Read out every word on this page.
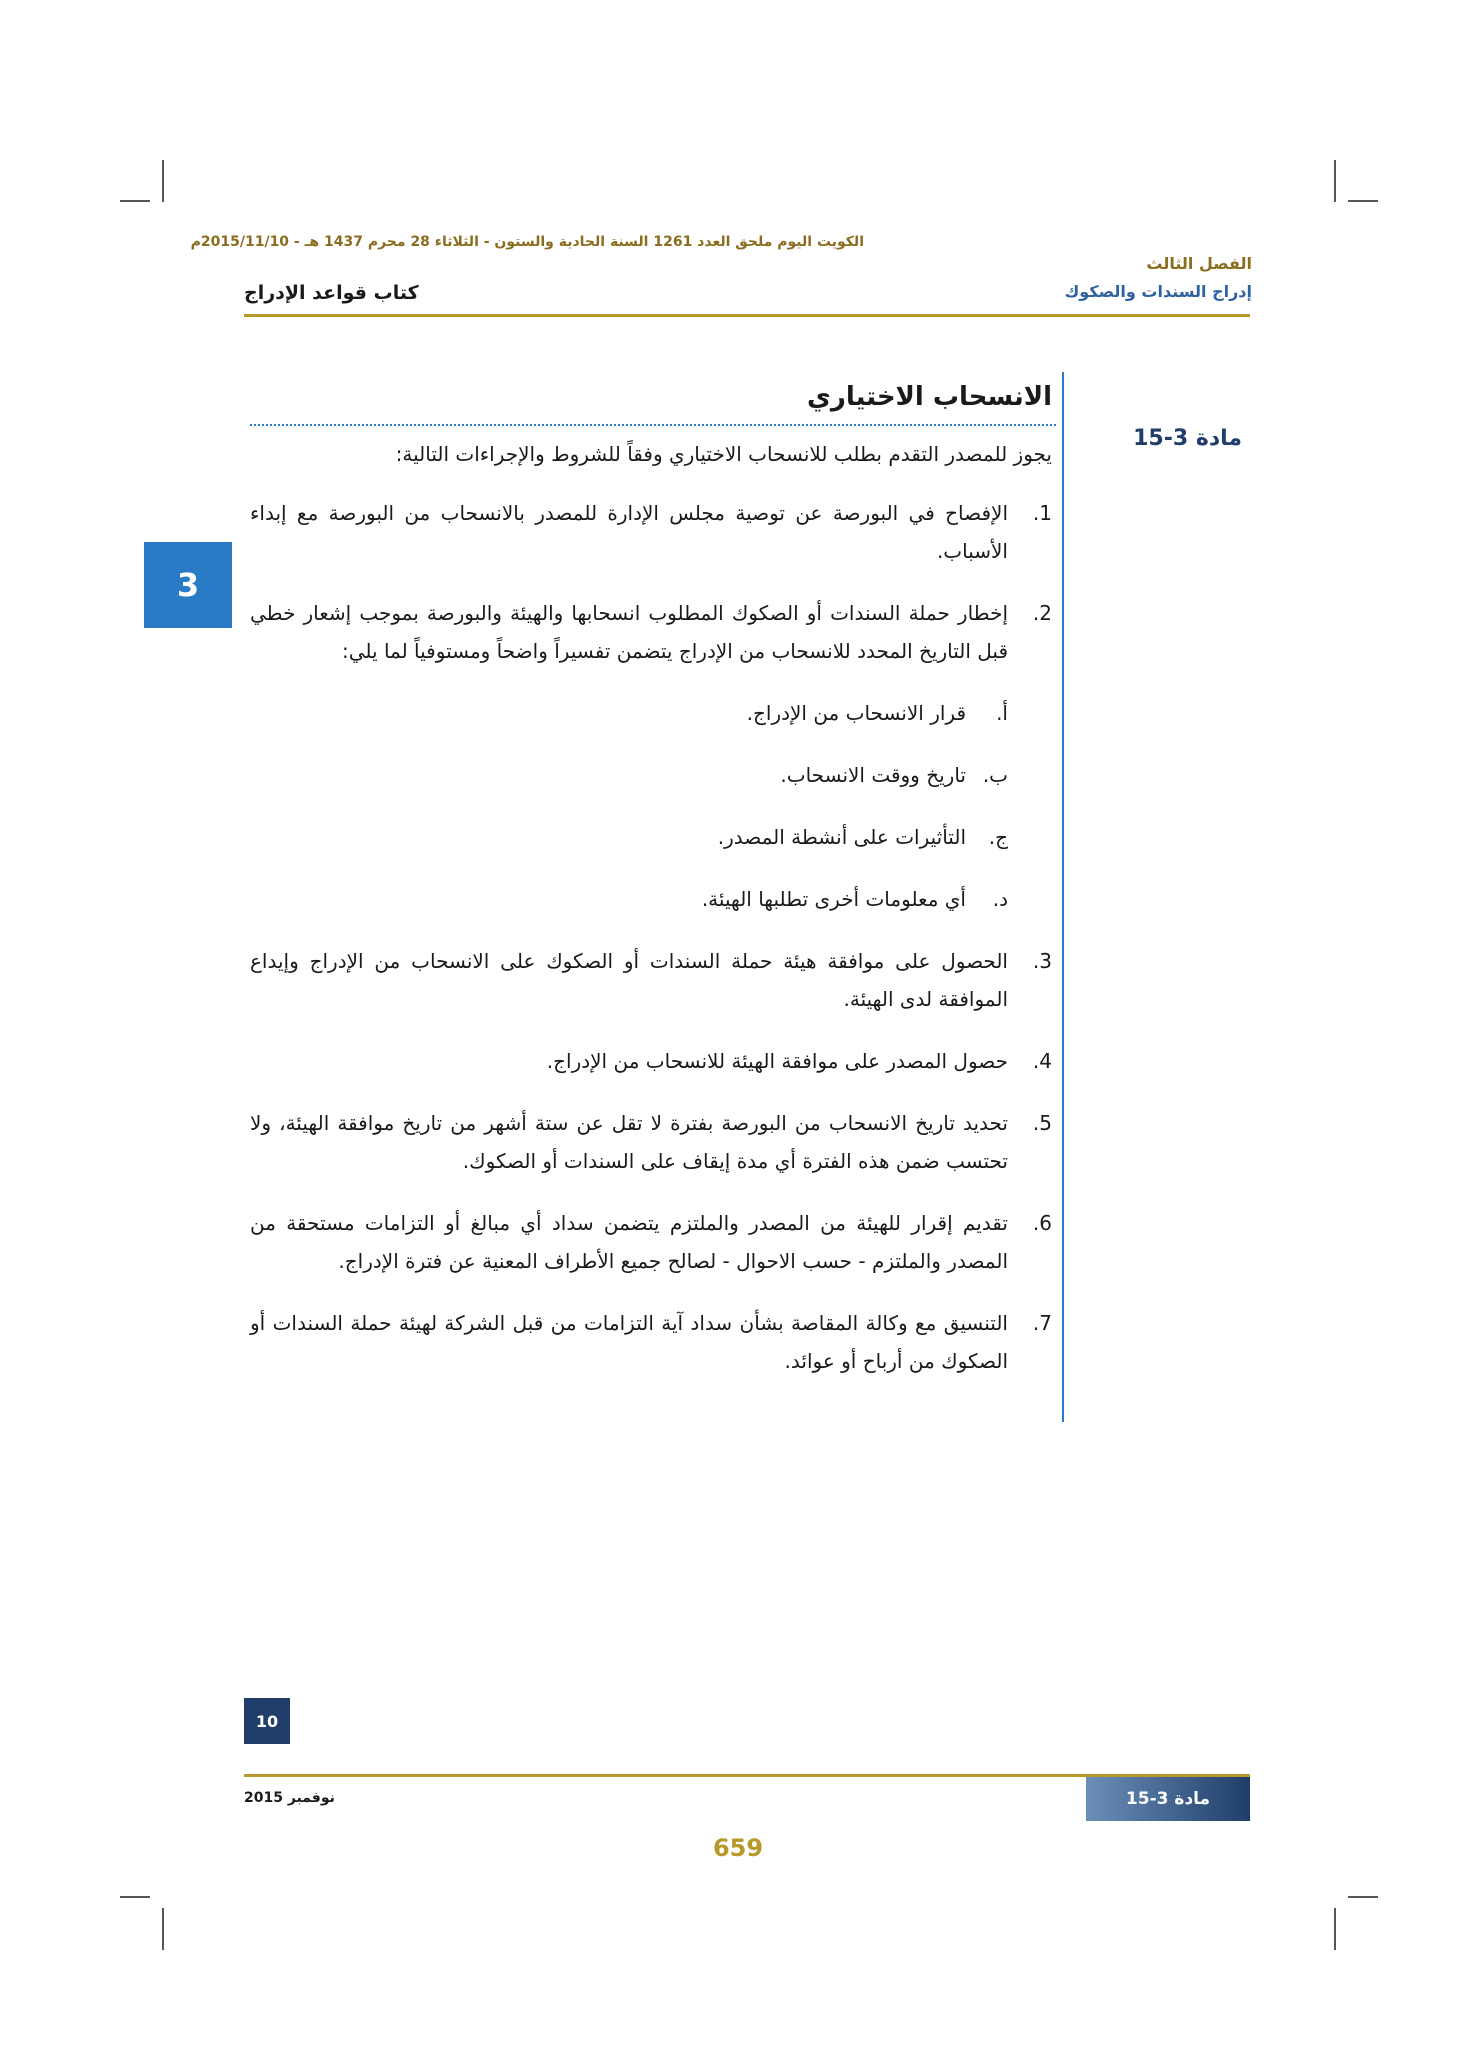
الكويت اليوم ملحق العدد 1261 السنة الحادية والستون - الثلاثاء 28 محرم 1437 هـ - 2015/11/10م
الفصل الثالث
إدراج السندات والصكوك
كتاب قواعد الإدراج
3
مادة 3-15
الانسحاب الاختياري
يجوز للمصدر التقدم بطلب للانسحاب الاختياري وفقاً للشروط والإجراءات التالية:
1.
الإفصاح في البورصة عن توصية مجلس الإدارة للمصدر بالانسحاب من البورصة مع إبداء الأسباب.
2.
إخطار حملة السندات أو الصكوك المطلوب انسحابها والهيئة والبورصة بموجب إشعار خطي قبل التاريخ المحدد للانسحاب من الإدراج يتضمن تفسيراً واضحاً ومستوفياً لما يلي:
أ.
قرار الانسحاب من الإدراج.
ب.
تاريخ ووقت الانسحاب.
ج.
التأثيرات على أنشطة المصدر.
د.
أي معلومات أخرى تطلبها الهيئة.
3.
الحصول على موافقة هيئة حملة السندات أو الصكوك على الانسحاب من الإدراج وإيداع الموافقة لدى الهيئة.
4.
حصول المصدر على موافقة الهيئة للانسحاب من الإدراج.
5.
تحديد تاريخ الانسحاب من البورصة بفترة لا تقل عن ستة أشهر من تاريخ موافقة الهيئة، ولا تحتسب ضمن هذه الفترة أي مدة إيقاف على السندات أو الصكوك.
6.
تقديم إقرار للهيئة من المصدر والملتزم يتضمن سداد أي مبالغ أو التزامات مستحقة من المصدر والملتزم - حسب الاحوال - لصالح جميع الأطراف المعنية عن فترة الإدراج.
7.
التنسيق مع وكالة المقاصة بشأن سداد آية التزامات من قبل الشركة لهيئة حملة السندات أو الصكوك من أرباح أو عوائد.
10
نوفمبر 2015	مادة 3-15
659
